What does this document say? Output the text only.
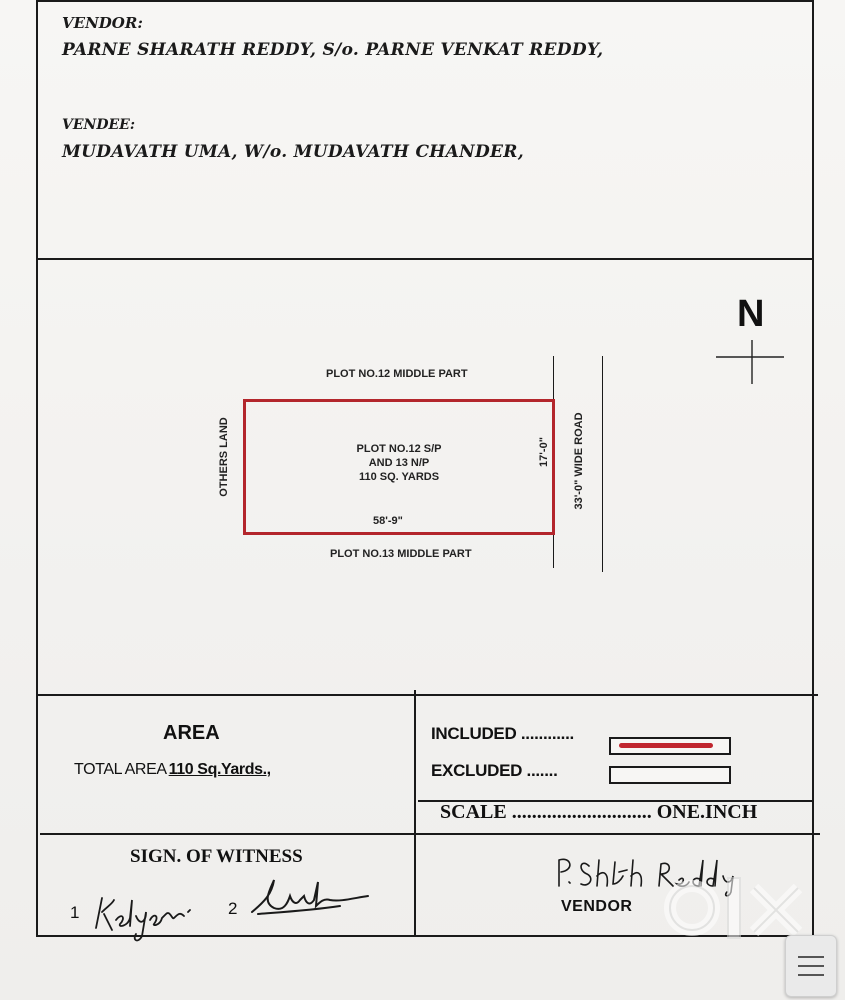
VENDOR:
PARNE SHARATH REDDY, S/o. PARNE VENKAT REDDY,
VENDEE:
MUDAVATH UMA, W/o. MUDAVATH CHANDER,
N
PLOT NO.12 MIDDLE PART
PLOT NO.13 MIDDLE PART
OTHERS LAND	33'-0" WIDE ROAD
PLOT NO.12 S/P
AND 13 N/P
110 SQ. YARDS
58'-9"
17'-0"
AREA
TOTAL AREA 110 Sq.Yards.,
INCLUDED ............
EXCLUDED .......
SCALE ............................ ONE.INCH
SIGN. OF WITNESS
1	2	VENDOR
